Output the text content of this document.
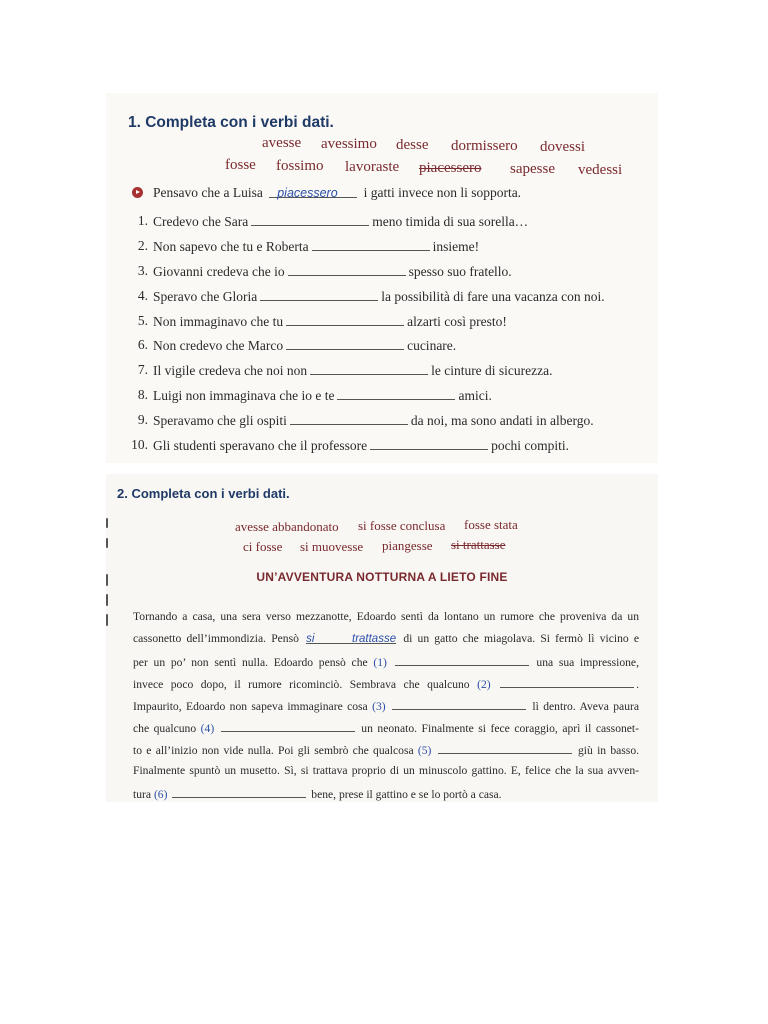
1. Completa con i verbi dati.
avesse avessimo desse dormissero dovessi
fosse fossimo lavoraste piacessero sapesse vedessi
Pensavo che a Luisa piacessero i gatti invece non li sopporta.
1. Credevo che Sara	meno timida di sua sorella…
2. Non sapevo che tu e Roberta	insieme!
3. Giovanni credeva che io	spesso suo fratello.
4. Speravo che Gloria	la possibilità di fare una vacanza con noi.
5. Non immaginavo che tu	alzarti così presto!
6. Non credevo che Marco	cucinare.
7. Il vigile credeva che noi non	le cinture di sicurezza.
8. Luigi non immaginava che io e te	amici.
9. Speravamo che gli ospiti	da noi, ma sono andati in albergo.
10. Gli studenti speravano che il professore	pochi compiti.
2. Completa con i verbi dati.
avesse abbandonato si fosse conclusa fosse stata
ci fosse si muovesse piangesse si trattasse
UN’AVVENTURA NOTTURNA A LIETO FINE
Tornando a casa, una sera verso mezzanotte, Edoardo sentì da lontano un rumore che proveniva da un
cassonetto dell’immondizia. Pensò si trattasse di un gatto che miagolava. Si fermò lì vicino e
per un po’ non sentì nulla. Edoardo pensò che (1)	una sua impressione,
invece poco dopo, il rumore ricominciò. Sembrava che qualcuno (2)	.
Impaurito, Edoardo non sapeva immaginare cosa (3)	lì dentro. Aveva paura
che qualcuno (4)	un neonato. Finalmente si fece coraggio, aprì il cassonet-
to e all’inizio non vide nulla. Poi gli sembrò che qualcosa (5)	giù in basso.
Finalmente spuntò un musetto. Sì, si trattava proprio di un minuscolo gattino. E, felice che la sua avven-
tura (6)	bene, prese il gattino e se lo portò a casa.
